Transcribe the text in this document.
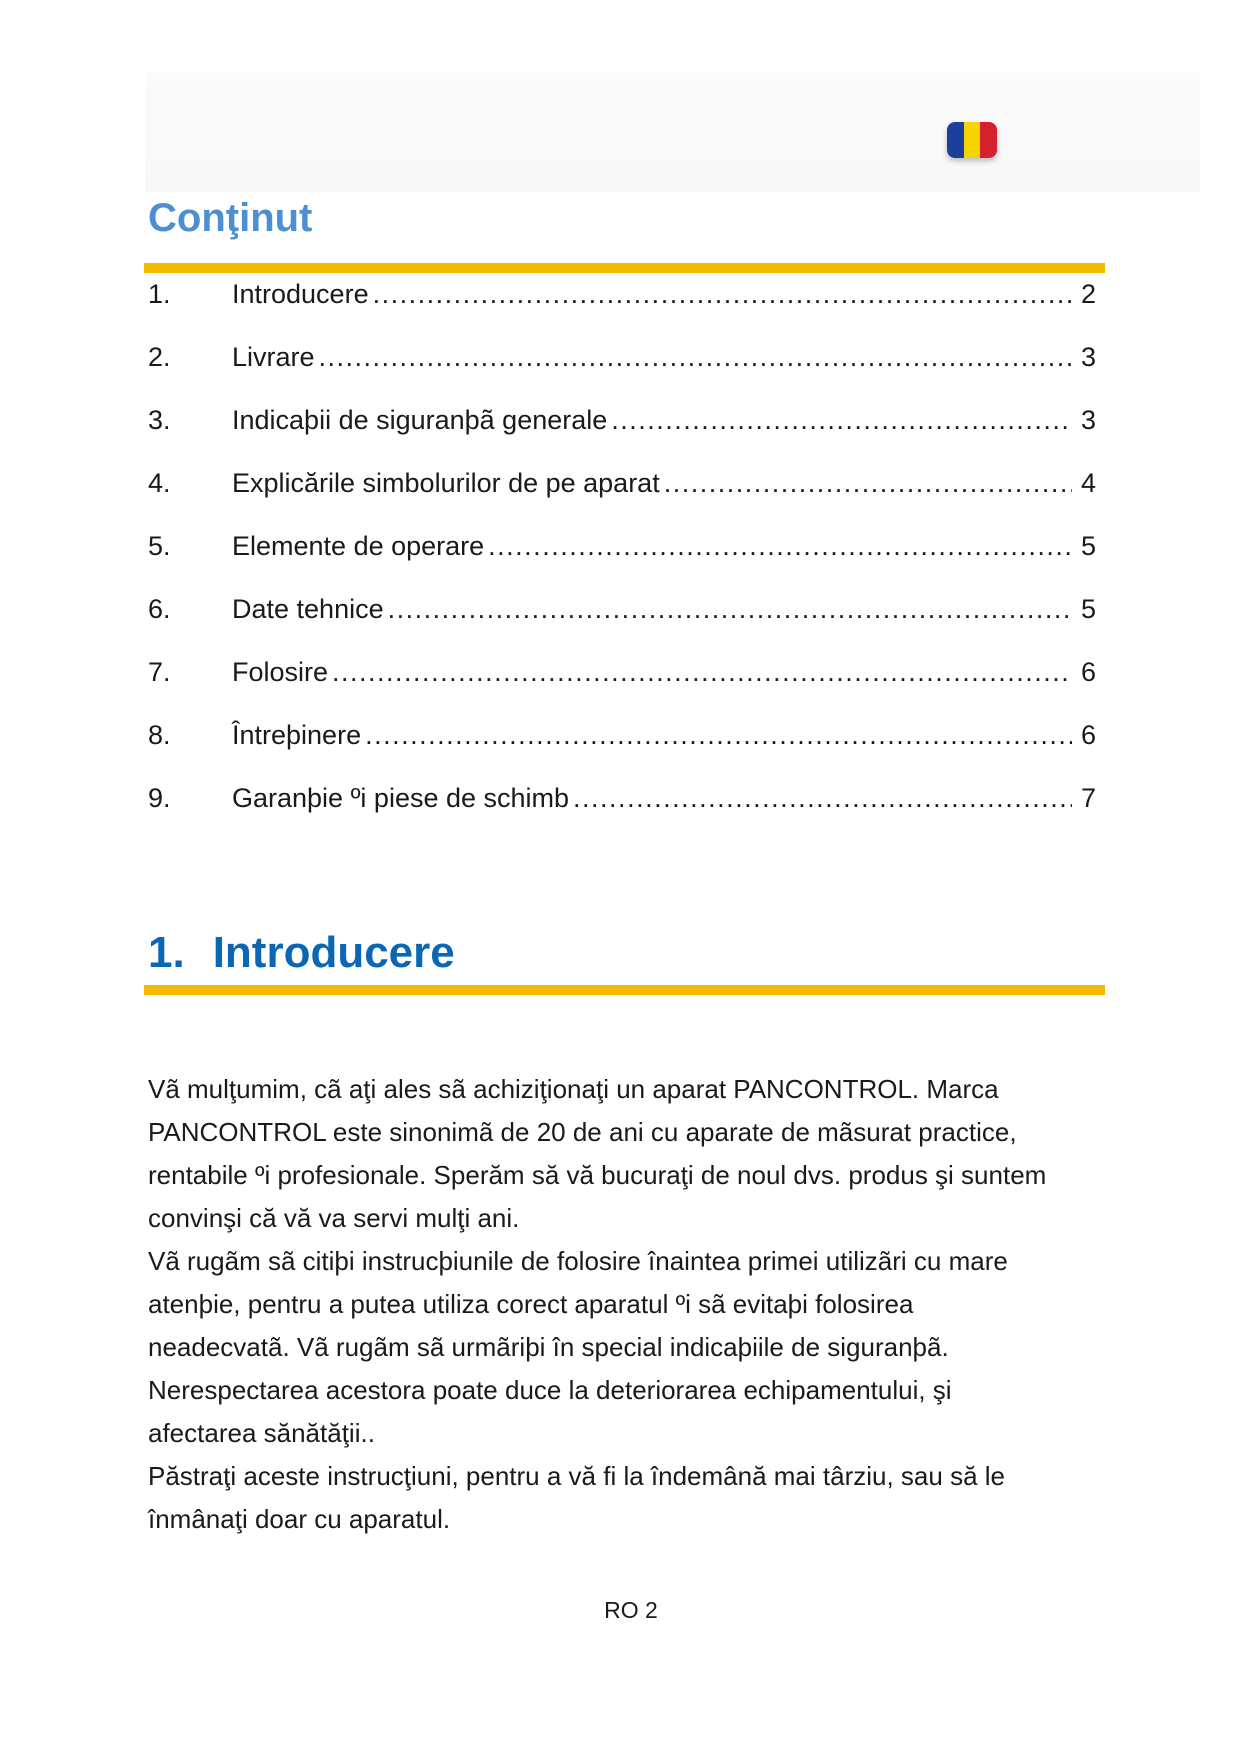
Conţinut
1.	Introducere . . .	2
2.	Livrare . . .	3
3.	Indicaþii de siguranþã generale . . .	3
4.	Explicările simbolurilor de pe aparat . . .	4
5.	Elemente de operare . . .	5
6.	Date tehnice . . .	5
7.	Folosire . . .	6
8.	Întreþinere . . .	6
9.	Garanþie ºi piese de schimb . . .	7
1. Introducere

Vã mulţumim, cã aţi ales sã achiziţionaţi un aparat PANCONTROL. Marca

PANCONTROL este sinonimã de 20 de ani cu aparate de mãsurat practice,

rentabile ºi profesionale. Sperăm să vă bucuraţi de noul dvs. produs şi suntem

convinşi că vă va servi mulţi ani.

Vã rugãm sã citiþi instrucþiunile de folosire înaintea primei utilizãri cu mare

atenþie, pentru a putea utiliza corect aparatul ºi sã evitaþi folosirea

neadecvatã. Vã rugãm sã urmãriþi în special indicaþiile de siguranþã.

Nerespectarea acestora poate duce la deteriorarea echipamentului, şi

afectarea sănătăţii..

Păstraţi aceste instrucţiuni, pentru a vă fi la îndemână mai târziu, sau să le

înmânaţi doar cu aparatul.

RO 2
